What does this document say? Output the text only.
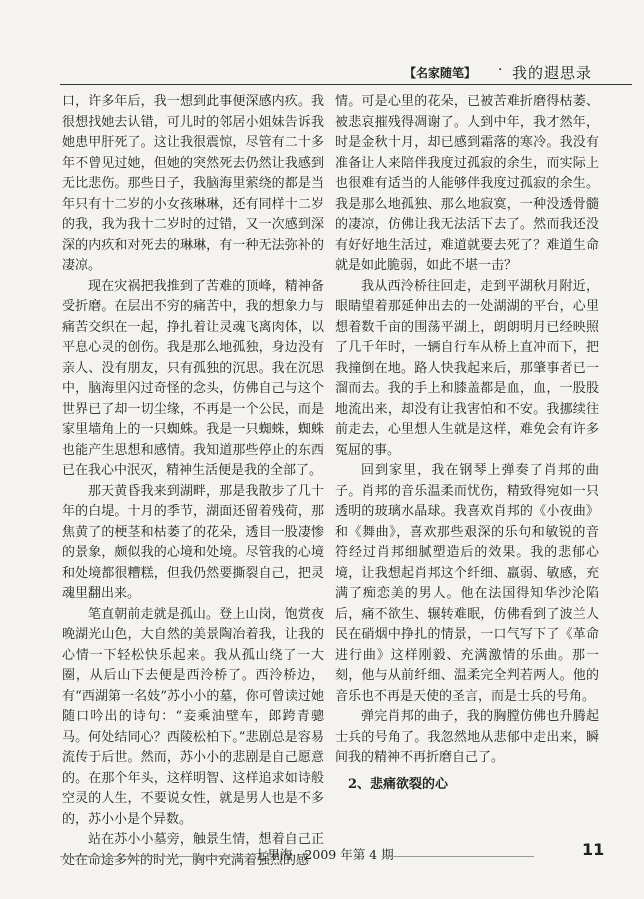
【名家随笔】 · 我的遐思录

口，许多年后，我一想到此事便深感内疚。我很想找她去认错，可儿时的邻居小姐妹告诉我她患甲肝死了。这让我很震惊，尽管有二十多年不曾见过她，但她的突然死去仍然让我感到无比悲伤。那些日子，我脑海里萦绕的都是当年只有十二岁的小女孩琳琳，还有同样十二岁的我，我为我十二岁时的过错，又一次感到深深的内疚和对死去的琳琳，有一种无法弥补的凄凉。

现在灾祸把我推到了苦难的顶峰，精神备受折磨。在层出不穷的痛苦中，我的想象力与痛苦交织在一起，挣扎着让灵魂飞离肉体，以平息心灵的创伤。我是那么地孤独，身边没有亲人、没有朋友，只有孤独的沉思。我在沉思中，脑海里闪过奇怪的念头，仿佛自己与这个世界已了却一切尘缘，不再是一个公民，而是家里墙角上的一只蜘蛛。我是一只蜘蛛，蜘蛛也能产生思想和感情。我知道那些停止的东西已在我心中泯灭，精神生活便是我的全部了。

那天黄昏我来到湖畔，那是我散步了几十年的白堤。十月的季节，湖面还留着残荷，那焦黄了的梗茎和枯萎了的花朵，透目一股凄惨的景象，颇似我的心境和处境。尽管我的心境和处境都很糟糕，但我仍然要撕裂自己，把灵魂里翻出来。

笔直朝前走就是孤山。登上山岗，饱赏夜晚湖光山色，大自然的美景陶冶着我，让我的心情一下轻松快乐起来。我从孤山绕了一大圈，从后山下去便是西泠桥了。西泠桥边，有“西湖第一名妓”苏小小的墓，你可曾读过她随口吟出的诗句：“妾乘油壁车，郎跨青骢马。何处结同心？西陵松柏下。”悲剧总是容易流传于后世。然而，苏小小的悲剧是自己愿意的。在那个年头，这样明智、这样追求如诗般空灵的人生，不要说女性，就是男人也是不多的，苏小小是个异数。

站在苏小小墓旁，触景生情，想着自己正处在命途多舛的时光，胸中充满着强烈的感

情。可是心里的花朵，已被苦难折磨得枯萎、被悲哀摧残得凋谢了。人到中年，我才然年，时是金秋十月，却已感到霜落的寒冷。我没有准备让人来陪伴我度过孤寂的余生，而实际上也很难有适当的人能够伴我度过孤寂的余生。我是那么地孤独、那么地寂寞，一种没透骨髓的凄凉，仿佛让我无法活下去了。然而我还没有好好地生活过，难道就要去死了？难道生命就是如此脆弱，如此不堪一击？

我从西泠桥往回走，走到平湖秋月附近，眼睛望着那延伸出去的一处湖湖的平台，心里想着数千亩的围荡平湖上，朗朗明月已经映照了几千年时，一辆自行车从桥上直冲而下，把我撞倒在地。路人快我起来后，那肇事者已一溜而去。我的手上和膝盖都是血，血，一股股地流出来，却没有让我害怕和不安。我挪续往前走去，心里想人生就是这样，难免会有许多冤屈的事。

回到家里，我在钢琴上弹奏了肖邦的曲子。肖邦的音乐温柔而忧伤，精致得宛如一只透明的玻璃水晶球。我喜欢肖邦的《小夜曲》和《舞曲》，喜欢那些艰深的乐句和敏锐的音符经过肖邦细腻塑造后的效果。我的悲郁心境，让我想起肖邦这个纤细、羸弱、敏感，充满了痴恋美的男人。他在法国得知华沙沦陷后，痛不欲生、辗转难眠，仿佛看到了波兰人民在硝烟中挣扎的情景，一口气写下了《革命进行曲》这样刚毅、充满激情的乐曲。那一刻，他与从前纤细、温柔完全判若两人。他的音乐也不再是天使的圣言，而是士兵的号角。

弹完肖邦的曲子，我的胸膛仿佛也升腾起士兵的号角了。我忽然地从悲郁中走出来，瞬间我的精神不再折磨自己了。

2、悲痛欲裂的心

七里海 · 2009 年第 4 期	11
